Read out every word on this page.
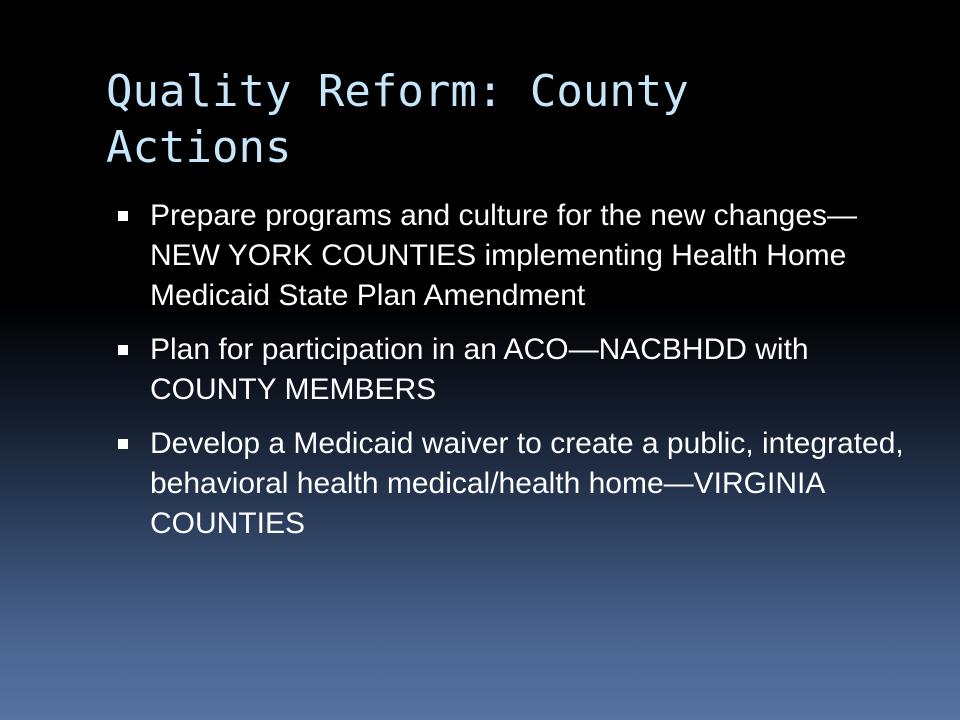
Quality Reform: County Actions
Prepare programs and culture for the new changes—NEW YORK COUNTIES implementing Health Home Medicaid State Plan Amendment
Plan for participation in an ACO—NACBHDD with COUNTY MEMBERS
Develop a Medicaid waiver to create a public, integrated, behavioral health medical/health home—VIRGINIA COUNTIES
